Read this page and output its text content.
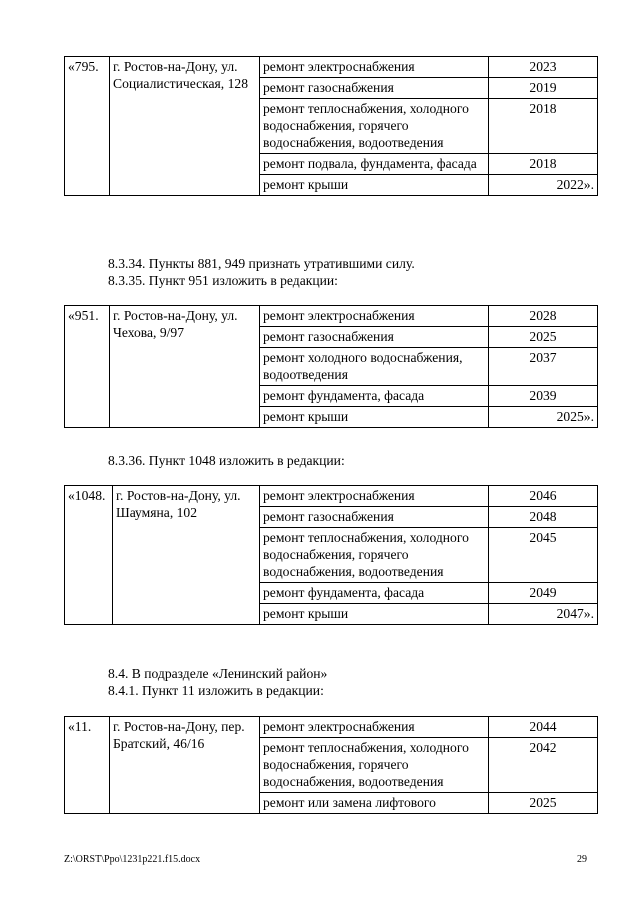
«795.	г. Ростов-на-Дону, ул. Социалистическая, 128	ремонт электроснабжения	2023
		ремонт газоснабжения	2019
		ремонт теплоснабжения, холодного водоснабжения, горячего водоснабжения, водоотведения	2018
		ремонт подвала, фундамента, фасада	2018
		ремонт крыши	2022».

8.3.34. Пункты 881, 949 признать утратившими силу.

8.3.35. Пункт 951 изложить в редакции:

«951.	г. Ростов-на-Дону, ул. Чехова, 9/97	ремонт электроснабжения	2028
		ремонт газоснабжения	2025
		ремонт холодного водоснабжения, водоотведения	2037
		ремонт фундамента, фасада	2039
		ремонт крыши	2025».

8.3.36. Пункт 1048 изложить в редакции:

«1048.	г. Ростов-на-Дону, ул. Шаумяна, 102	ремонт электроснабжения	2046
		ремонт газоснабжения	2048
		ремонт теплоснабжения, холодного водоснабжения, горячего водоснабжения, водоотведения	2045
		ремонт фундамента, фасада	2049
		ремонт крыши	2047».

8.4. В подразделе «Ленинский район»

8.4.1. Пункт 11 изложить в редакции:

«11.	г. Ростов-на-Дону, пер. Братский, 46/16	ремонт электроснабжения	2044
		ремонт теплоснабжения, холодного водоснабжения, горячего водоснабжения, водоотведения	2042
		ремонт или замена лифтового	2025
Z:\ORST\Ppo\1231p221.f15.docx	29
